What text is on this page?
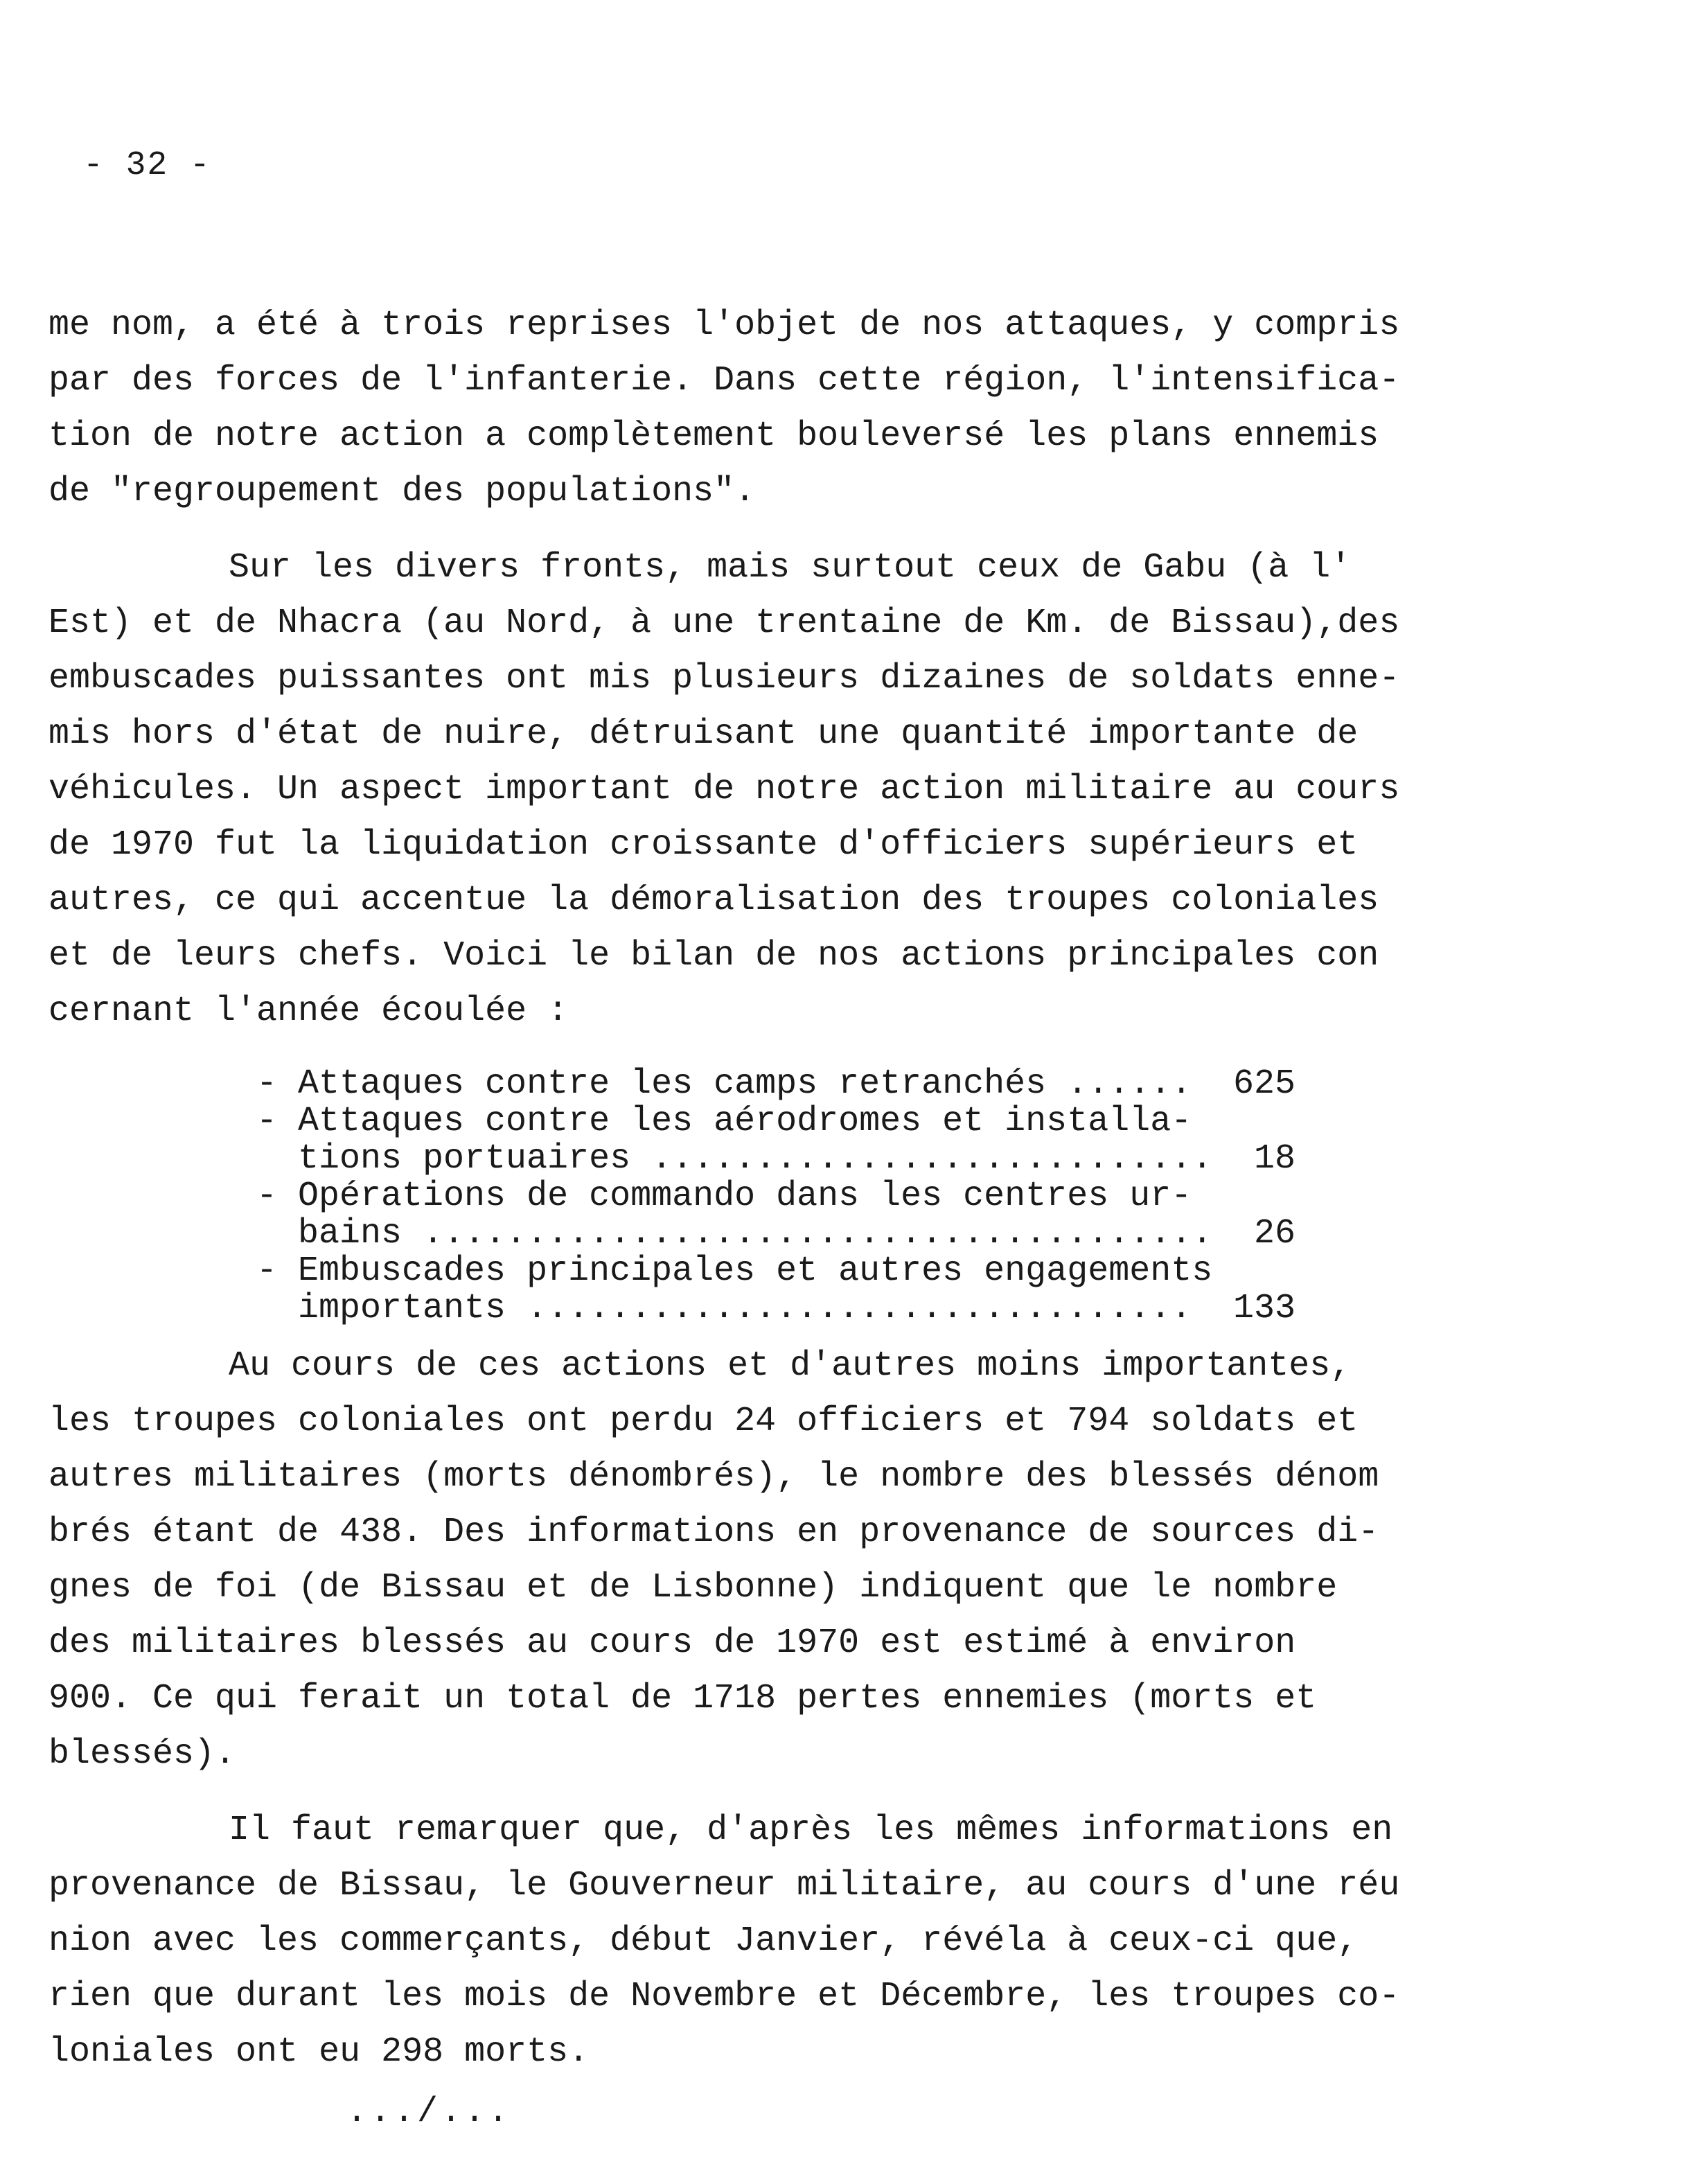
- 32 -
me nom, a été à trois reprises l'objet de nos attaques, y compris
par des forces de l'infanterie. Dans cette région, l'intensifica-
tion de notre action a complètement bouleversé les plans ennemis
de "regroupement des populations".
Sur les divers fronts, mais surtout ceux de Gabu (à l'
Est) et de Nhacra (au Nord, à une trentaine de Km. de Bissau),des
embuscades puissantes ont mis plusieurs dizaines de soldats enne-
mis hors d'état de nuire, détruisant une quantité importante de
véhicules. Un aspect important de notre action militaire au cours
de 1970 fut la liquidation croissante d'officiers supérieurs et
autres, ce qui accentue la démoralisation des troupes coloniales
et de leurs chefs. Voici le bilan de nos actions principales con
cernant l'année écoulée :
- Attaques contre les camps retranchés ......	625
- Attaques contre les aérodromes et installa-
tions portuaires ...........................	18
- Opérations de commando dans les centres ur-
bains ......................................	26
- Embuscades principales et autres engagements
importants ................................	133
Au cours de ces actions et d'autres moins importantes,
les troupes coloniales ont perdu 24 officiers et 794 soldats et
autres militaires (morts dénombrés), le nombre des blessés dénom
brés étant de 438. Des informations en provenance de sources di-
gnes de foi (de Bissau et de Lisbonne) indiquent que le nombre
des militaires blessés au cours de 1970 est estimé à environ
900. Ce qui ferait un total de 1718 pertes ennemies (morts et
blessés).
Il faut remarquer que, d'après les mêmes informations en
provenance de Bissau, le Gouverneur militaire, au cours d'une réu
nion avec les commerçants, début Janvier, révéla à ceux-ci que,
rien que durant les mois de Novembre et Décembre, les troupes co-
loniales ont eu 298 morts.
.../...
